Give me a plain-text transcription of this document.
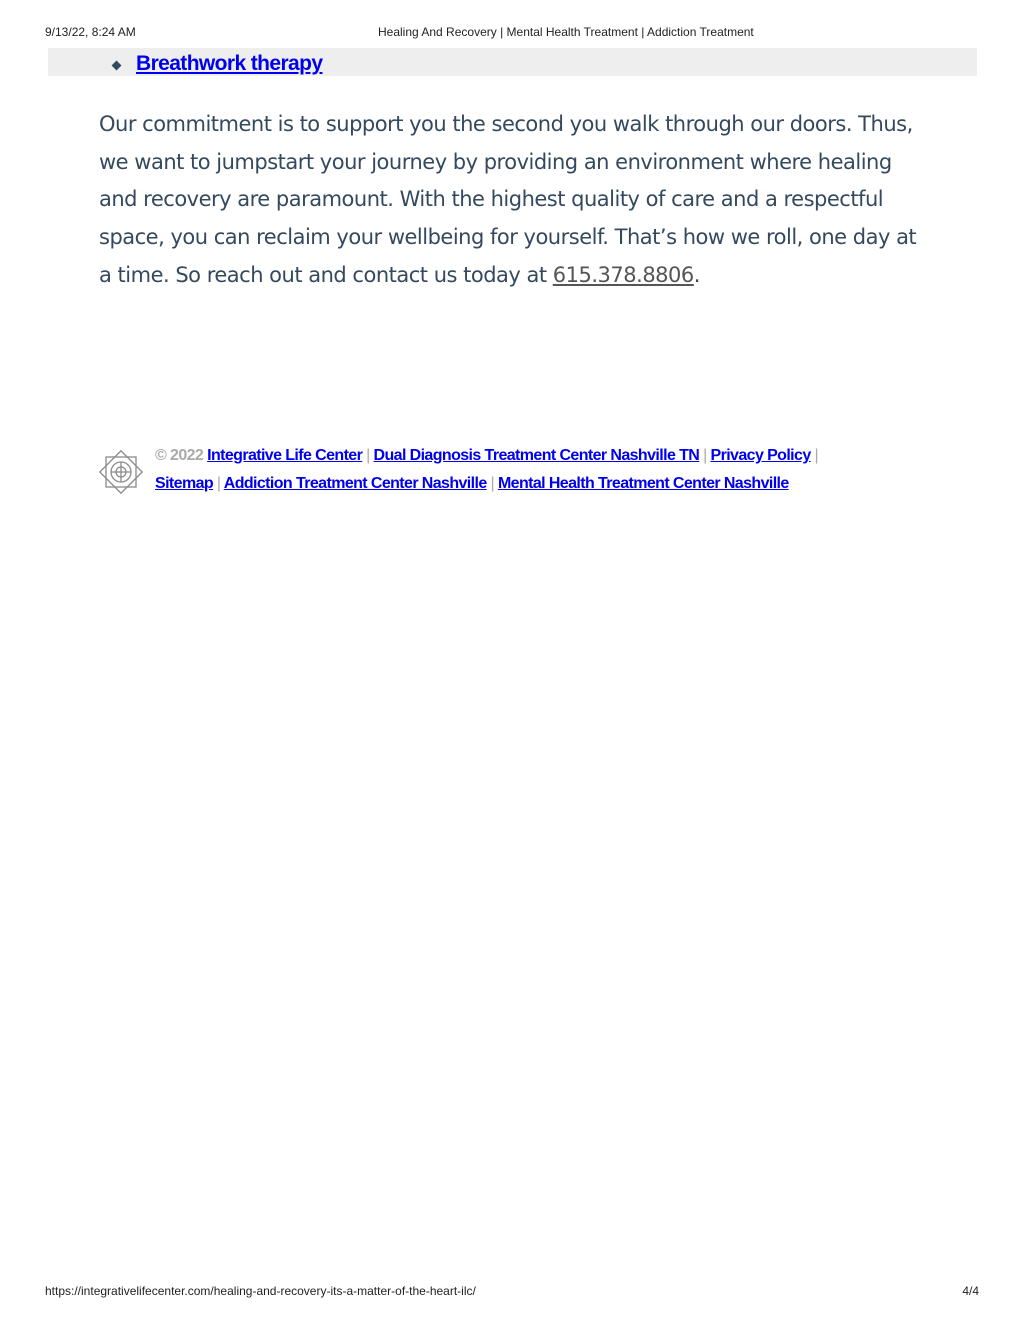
9/13/22, 8:24 AM	Healing And Recovery | Mental Health Treatment | Addiction Treatment
Breathwork therapy

Our commitment is to support you the second you walk through our doors. Thus, we want to jumpstart your journey by providing an environment where healing and recovery are paramount. With the highest quality of care and a respectful space, you can reclaim your wellbeing for yourself. That’s how we roll, one day at a time. So reach out and contact us today at 615.378.8806.

© 2022 Integrative Life Center | Dual Diagnosis Treatment Center Nashville TN | Privacy Policy |
Sitemap | Addiction Treatment Center Nashville | Mental Health Treatment Center Nashville

https://integrativelifecenter.com/healing-and-recovery-its-a-matter-of-the-heart-ilc/	4/4
